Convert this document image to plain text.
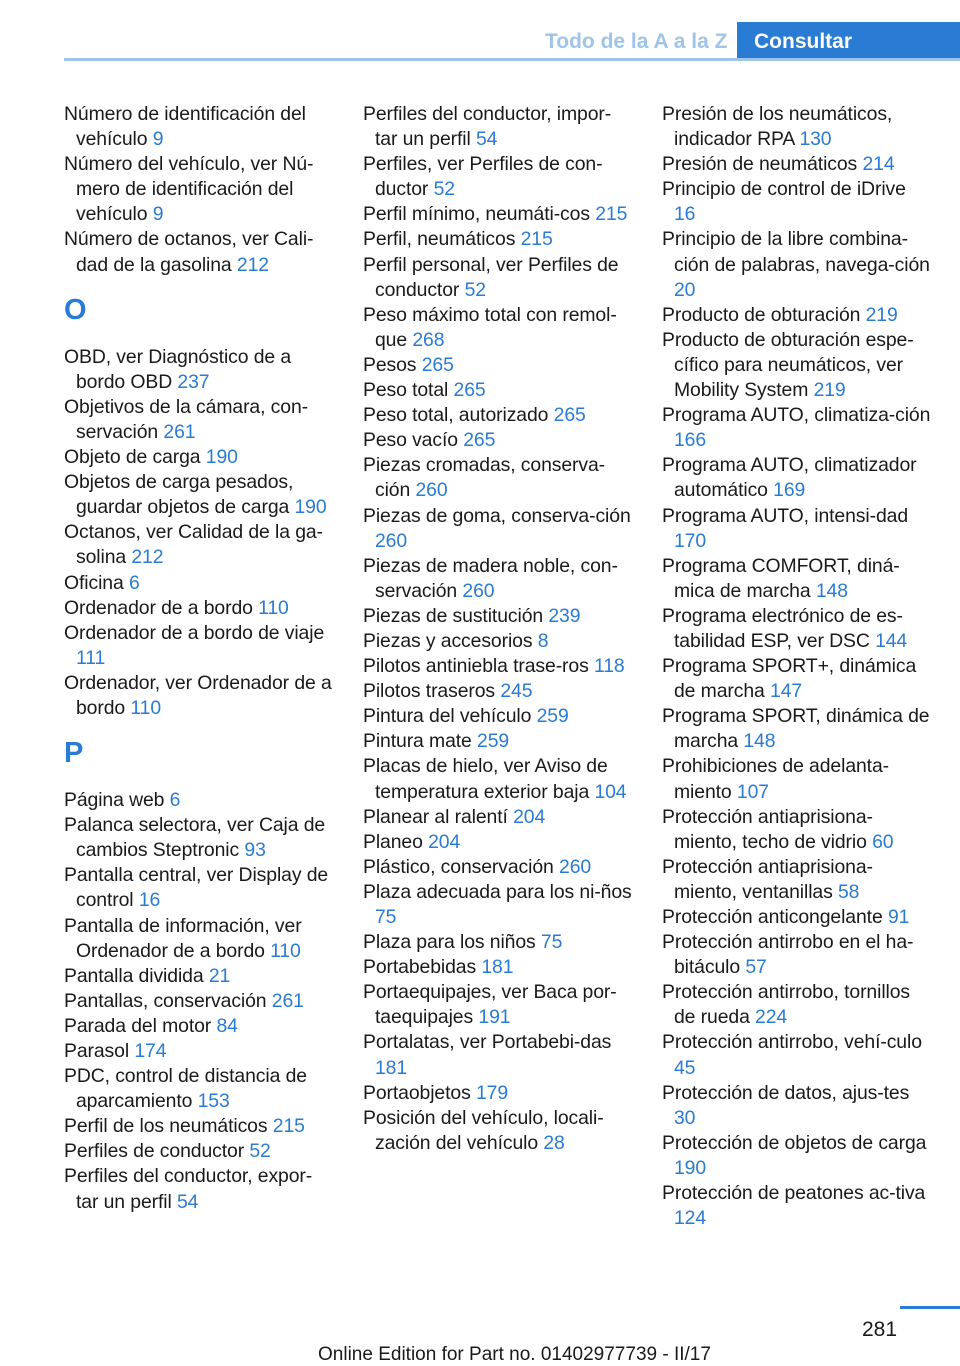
Todo de la A a la Z	Consultar
Número de identificación del vehículo 9
Número del vehículo, ver Nú-mero de identificación del vehículo 9
Número de octanos, ver Cali-dad de la gasolina 212
O
OBD, ver Diagnóstico de a bordo OBD 237
Objetivos de la cámara, con-servación 261
Objeto de carga 190
Objetos de carga pesados, guardar objetos de carga 190
Octanos, ver Calidad de la ga-solina 212
Oficina 6
Ordenador de a bordo 110
Ordenador de a bordo de viaje 111
Ordenador, ver Ordenador de a bordo 110
P
Página web 6
Palanca selectora, ver Caja de cambios Steptronic 93
Pantalla central, ver Display de control 16
Pantalla de información, ver Ordenador de a bordo 110
Pantalla dividida 21
Pantallas, conservación 261
Parada del motor 84
Parasol 174
PDC, control de distancia de aparcamiento 153
Perfil de los neumáticos 215
Perfiles de conductor 52
Perfiles del conductor, expor-tar un perfil 54
Perfiles del conductor, impor-tar un perfil 54
Perfiles, ver Perfiles de con-ductor 52
Perfil mínimo, neumáti-cos 215
Perfil, neumáticos 215
Perfil personal, ver Perfiles de conductor 52
Peso máximo total con remol-que 268
Pesos 265
Peso total 265
Peso total, autorizado 265
Peso vacío 265
Piezas cromadas, conserva-ción 260
Piezas de goma, conserva-ción 260
Piezas de madera noble, con-servación 260
Piezas de sustitución 239
Piezas y accesorios 8
Pilotos antiniebla trase-ros 118
Pilotos traseros 245
Pintura del vehículo 259
Pintura mate 259
Placas de hielo, ver Aviso de temperatura exterior baja 104
Planear al ralentí 204
Planeo 204
Plástico, conservación 260
Plaza adecuada para los ni-ños 75
Plaza para los niños 75
Portabebidas 181
Portaequipajes, ver Baca por-taequipajes 191
Portalatas, ver Portabebi-das 181
Portaobjetos 179
Posición del vehículo, locali-zación del vehículo 28
Presión de los neumáticos, indicador RPA 130
Presión de neumáticos 214
Principio de control de iDrive 16
Principio de la libre combina-ción de palabras, navega-ción 20
Producto de obturación 219
Producto de obturación espe-cífico para neumáticos, ver Mobility System 219
Programa AUTO, climatiza-ción 166
Programa AUTO, climatizador automático 169
Programa AUTO, intensi-dad 170
Programa COMFORT, diná-mica de marcha 148
Programa electrónico de es-tabilidad ESP, ver DSC 144
Programa SPORT+, dinámica de marcha 147
Programa SPORT, dinámica de marcha 148
Prohibiciones de adelanta-miento 107
Protección antiaprisiona-miento, techo de vidrio 60
Protección antiaprisiona-miento, ventanillas 58
Protección anticongelante 91
Protección antirrobo en el ha-bitáculo 57
Protección antirrobo, tornillos de rueda 224
Protección antirrobo, vehí-culo 45
Protección de datos, ajus-tes 30
Protección de objetos de carga 190
Protección de peatones ac-tiva 124
281
Online Edition for Part no. 01402977739 - II/17
